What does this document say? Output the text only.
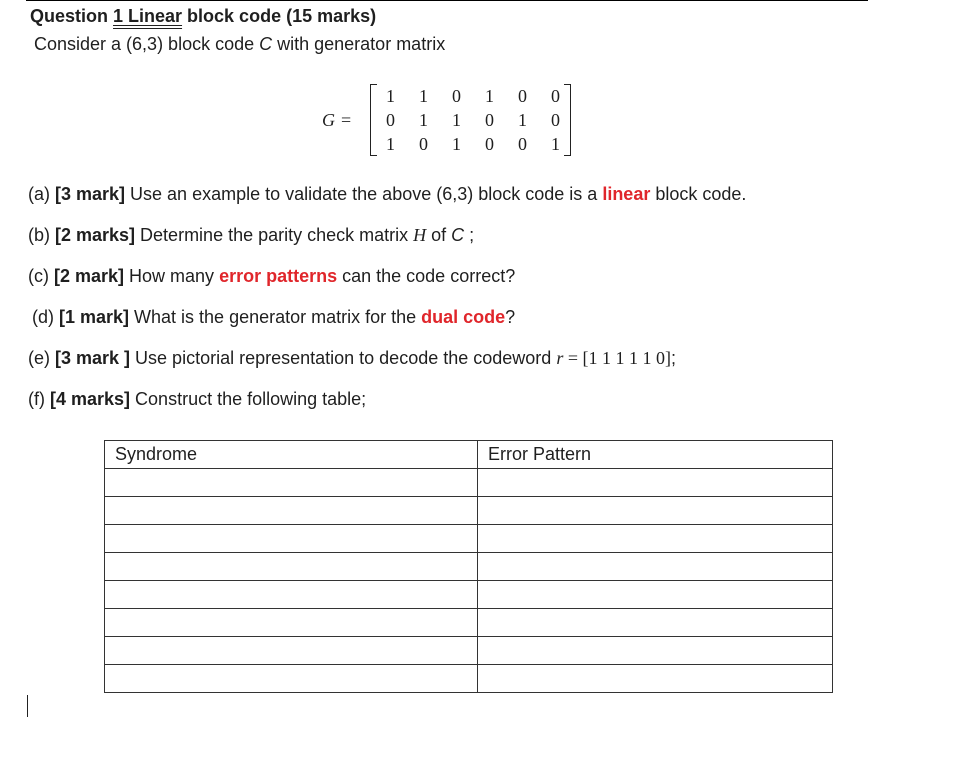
Question 1 Linear block code (15 marks)
Consider a (6,3) block code C with generator matrix
G =
1	1	0	1	0	0
0	1	1	0	1	0
1	0	1	0	0	1
(a) [3 mark] Use an example to validate the above (6,3) block code is a linear block code.
(b) [2 marks] Determine the parity check matrix H of C ;
(c) [2 mark] How many error patterns can the code correct?
(d) [1 mark] What is the generator matrix for the dual code?
(e) [3 mark ] Use pictorial representation to decode the codeword r = [1 1 1 1 1 0];
(f) [4 marks] Construct the following table;
Syndrome	Error Pattern
